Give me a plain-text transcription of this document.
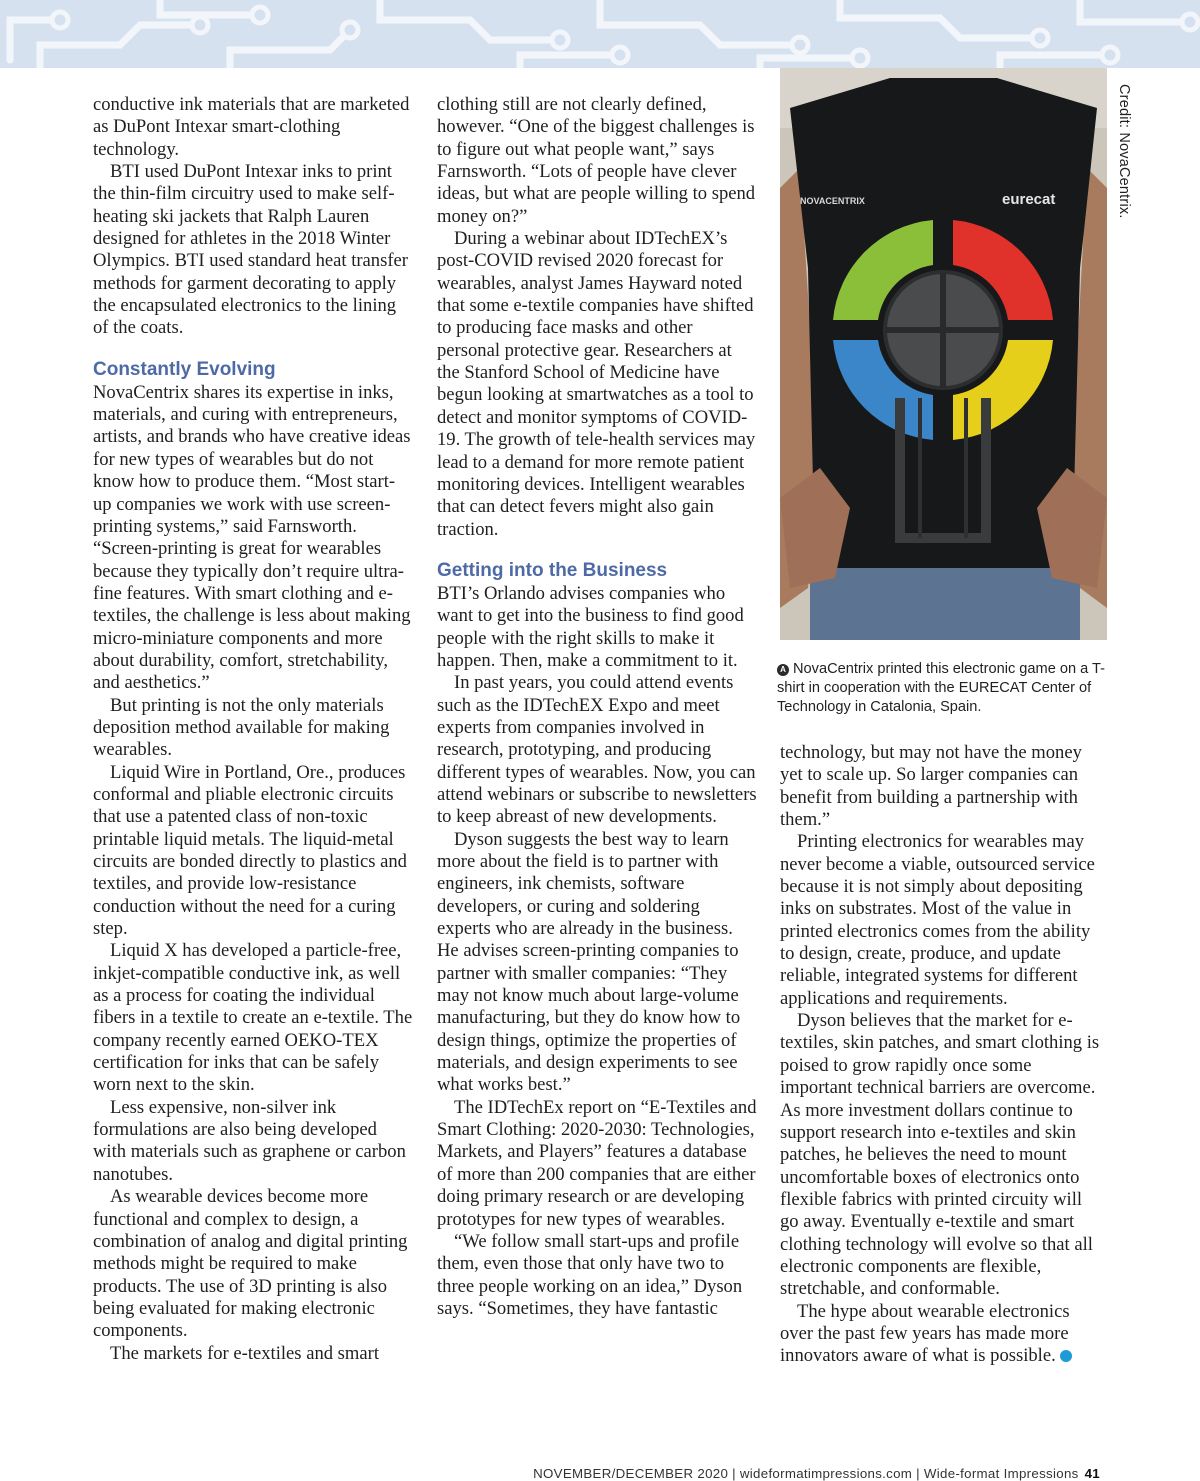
conductive ink materials that are marketed as DuPont Intexar smart-clothing technology.

BTI used DuPont Intexar inks to print the thin-film circuitry used to make self-heating ski jackets that Ralph Lauren designed for athletes in the 2018 Winter Olympics. BTI used standard heat transfer methods for garment decorating to apply the encapsulated electronics to the lining of the coats.

Constantly Evolving

NovaCentrix shares its expertise in inks, materials, and curing with entrepreneurs, artists, and brands who have creative ideas for new types of wearables but do not know how to produce them. “Most start-up companies we work with use screen-printing systems,” said Farnsworth. “Screen-printing is great for wearables because they typically don’t require ultra-fine features. With smart clothing and e-textiles, the challenge is less about making micro-miniature components and more about durability, comfort, stretchability, and aesthetics.”

But printing is not the only materials deposition method available for making wearables.

Liquid Wire in Portland, Ore., produces conformal and pliable electronic circuits that use a patented class of non-toxic printable liquid metals. The liquid-metal circuits are bonded directly to plastics and textiles, and provide low-resistance conduction without the need for a curing step.

Liquid X has developed a particle-free, inkjet-compatible conductive ink, as well as a process for coating the individual fibers in a textile to create an e-textile. The company recently earned OEKO-TEX certification for inks that can be safely worn next to the skin.

Less expensive, non-silver ink formulations are also being developed with materials such as graphene or carbon nanotubes.

As wearable devices become more functional and complex to design, a combination of analog and digital printing methods might be required to make products. The use of 3D printing is also being evaluated for making electronic components.

The markets for e-textiles and smart

clothing still are not clearly defined, however. “One of the biggest challenges is to figure out what people want,” says Farnsworth. “Lots of people have clever ideas, but what are people willing to spend money on?”

During a webinar about IDTechEX’s post-COVID revised 2020 forecast for wearables, analyst James Hayward noted that some e-textile companies have shifted to producing face masks and other personal protective gear. Researchers at the Stanford School of Medicine have begun looking at smartwatches as a tool to detect and monitor symptoms of COVID-19. The growth of tele-health services may lead to a demand for more remote patient monitoring devices. Intelligent wearables that can detect fevers might also gain traction.

Getting into the Business

BTI’s Orlando advises companies who want to get into the business to find good people with the right skills to make it happen. Then, make a commitment to it.

In past years, you could attend events such as the IDTechEX Expo and meet experts from companies involved in research, prototyping, and producing different types of wearables. Now, you can attend webinars or subscribe to newsletters to keep abreast of new developments.

Dyson suggests the best way to learn more about the field is to partner with engineers, ink chemists, software developers, or curing and soldering experts who are already in the business. He advises screen-printing companies to partner with smaller companies: “They may not know much about large-volume manufacturing, but they do know how to design things, optimize the properties of materials, and design experiments to see what works best.”

The IDTechEx report on “E-Textiles and Smart Clothing: 2020-2030: Technologies, Markets, and Players” features a database of more than 200 companies that are either doing primary research or are developing prototypes for new types of wearables.

“We follow small start-ups and profile them, even those that only have two to three people working on an idea,” Dyson says. “Sometimes, they have fantastic

NOVACENTRIX	eurecat	Credit: NovaCentrix.
A NovaCentrix printed this electronic game on a T-shirt in cooperation with the EURECAT Center of Technology in Catalonia, Spain.

technology, but may not have the money yet to scale up. So larger companies can benefit from building a partnership with them.”

Printing electronics for wearables may never become a viable, outsourced service because it is not simply about depositing inks on substrates. Most of the value in printed electronics comes from the ability to design, create, produce, and update reliable, integrated systems for different applications and requirements.

Dyson believes that the market for e-textiles, skin patches, and smart clothing is poised to grow rapidly once some important technical barriers are overcome. As more investment dollars continue to support research into e-textiles and skin patches, he believes the need to mount uncomfortable boxes of electronics onto flexible fabrics with printed circuity will go away. Eventually e-textile and smart clothing technology will evolve so that all electronic components are flexible, stretchable, and conformable.

The hype about wearable electronics over the past few years has made more innovators aware of what is possible.

NOVEMBER/DECEMBER 2020 | wideformatimpressions.com | Wide-format Impressions 41
